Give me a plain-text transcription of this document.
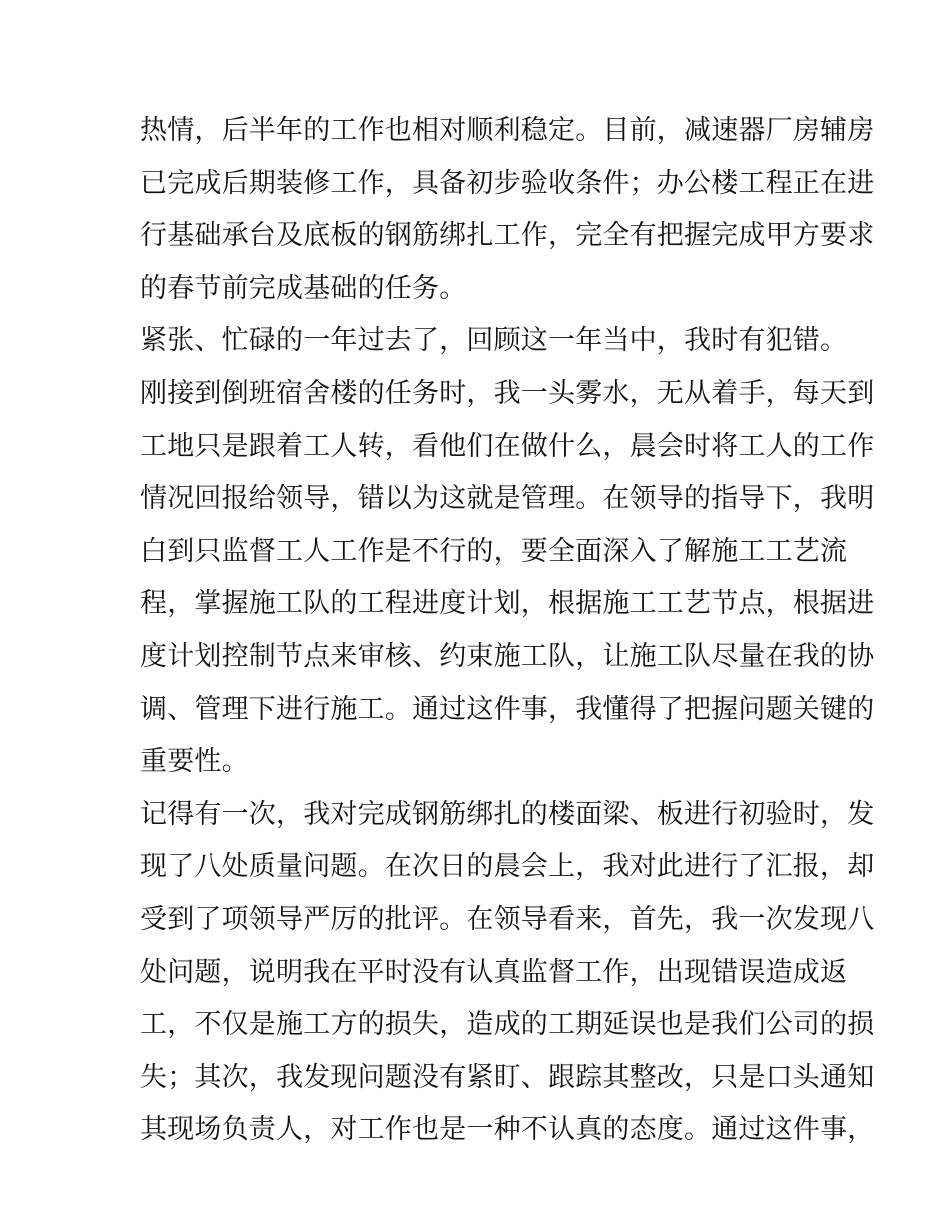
热情，后半年的工作也相对顺利稳定。目前，减速器厂房辅房
已完成后期装修工作，具备初步验收条件；办公楼工程正在进
行基础承台及底板的钢筋绑扎工作，完全有把握完成甲方要求
的春节前完成基础的任务。
紧张、忙碌的一年过去了，回顾这一年当中，我时有犯错。
刚接到倒班宿舍楼的任务时，我一头雾水，无从着手，每天到
工地只是跟着工人转，看他们在做什么，晨会时将工人的工作
情况回报给领导，错以为这就是管理。在领导的指导下，我明
白到只监督工人工作是不行的，要全面深入了解施工工艺流
程，掌握施工队的工程进度计划，根据施工工艺节点，根据进
度计划控制节点来审核、约束施工队，让施工队尽量在我的协
调、管理下进行施工。通过这件事，我懂得了把握问题关键的
重要性。
记得有一次，我对完成钢筋绑扎的楼面梁、板进行初验时，发
现了八处质量问题。在次日的晨会上，我对此进行了汇报，却
受到了项领导严厉的批评。在领导看来，首先，我一次发现八
处问题，说明我在平时没有认真监督工作，出现错误造成返
工，不仅是施工方的损失，造成的工期延误也是我们公司的损
失；其次，我发现问题没有紧盯、跟踪其整改，只是口头通知
其现场负责人，对工作也是一种不认真的态度。通过这件事，
